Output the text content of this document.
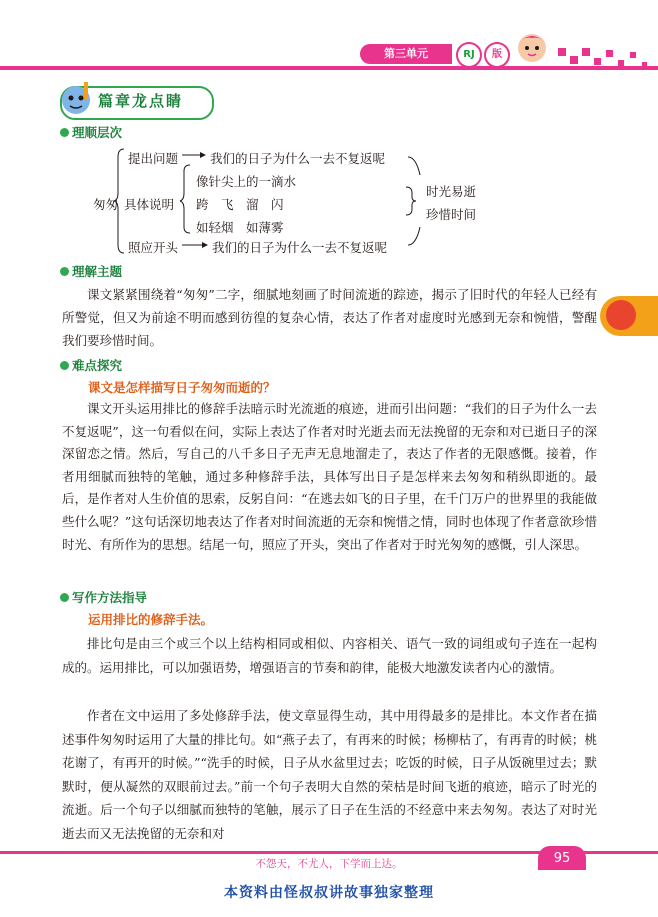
第三单元	RJ	版
篇章龙点睛
理顺层次
匆匆
提出问题	我们的日子为什么一去不复返呢
具体说明
像针尖上的一滴水
跨　飞　溜　闪
如轻烟　如薄雾
时光易逝
珍惜时间
照应开头	我们的日子为什么一去不复返呢
理解主题
课文紧紧围绕着“匆匆”二字，细腻地刻画了时间流逝的踪迹，揭示了旧时代的年轻人已经有所警觉，但又为前途不明而感到彷徨的复杂心情，表达了作者对虚度时光感到无奈和惋惜，警醒我们要珍惜时间。
难点探究
课文是怎样描写日子匆匆而逝的？
课文开头运用排比的修辞手法暗示时光流逝的痕迹，进而引出问题：“我们的日子为什么一去不复返呢”，这一句看似在问，实际上表达了作者对时光逝去而无法挽留的无奈和对已逝日子的深深留恋之情。然后，写自己的八千多日子无声无息地溜走了，表达了作者的无限感慨。接着，作者用细腻而独特的笔触，通过多种修辞手法，具体写出日子是怎样来去匆匆和稍纵即逝的。最后，是作者对人生价值的思索，反躬自问：“在逃去如飞的日子里，在千门万户的世界里的我能做些什么呢？”这句话深切地表达了作者对时间流逝的无奈和惋惜之情，同时也体现了作者意欲珍惜时光、有所作为的思想。结尾一句，照应了开头，突出了作者对于时光匆匆的感慨，引人深思。
写作方法指导
运用排比的修辞手法。
排比句是由三个或三个以上结构相同或相似、内容相关、语气一致的词组或句子连在一起构成的。运用排比，可以加强语势，增强语言的节奏和韵律，能极大地激发读者内心的激情。
作者在文中运用了多处修辞手法，使文章显得生动，其中用得最多的是排比。本文作者在描述事件匆匆时运用了大量的排比句。如“燕子去了，有再来的时候；杨柳枯了，有再青的时候；桃花谢了，有再开的时候。”“洗手的时候，日子从水盆里过去；吃饭的时候，日子从饭碗里过去；默默时，便从凝然的双眼前过去。”前一个句子表明大自然的荣枯是时间飞逝的痕迹，暗示了时光的流逝。后一个句子以细腻而独特的笔触，展示了日子在生活的不经意中来去匆匆。表达了对时光逝去而又无法挽留的无奈和对
不怨天，不尤人，下学而上达。	95
本资料由怪叔叔讲故事独家整理
